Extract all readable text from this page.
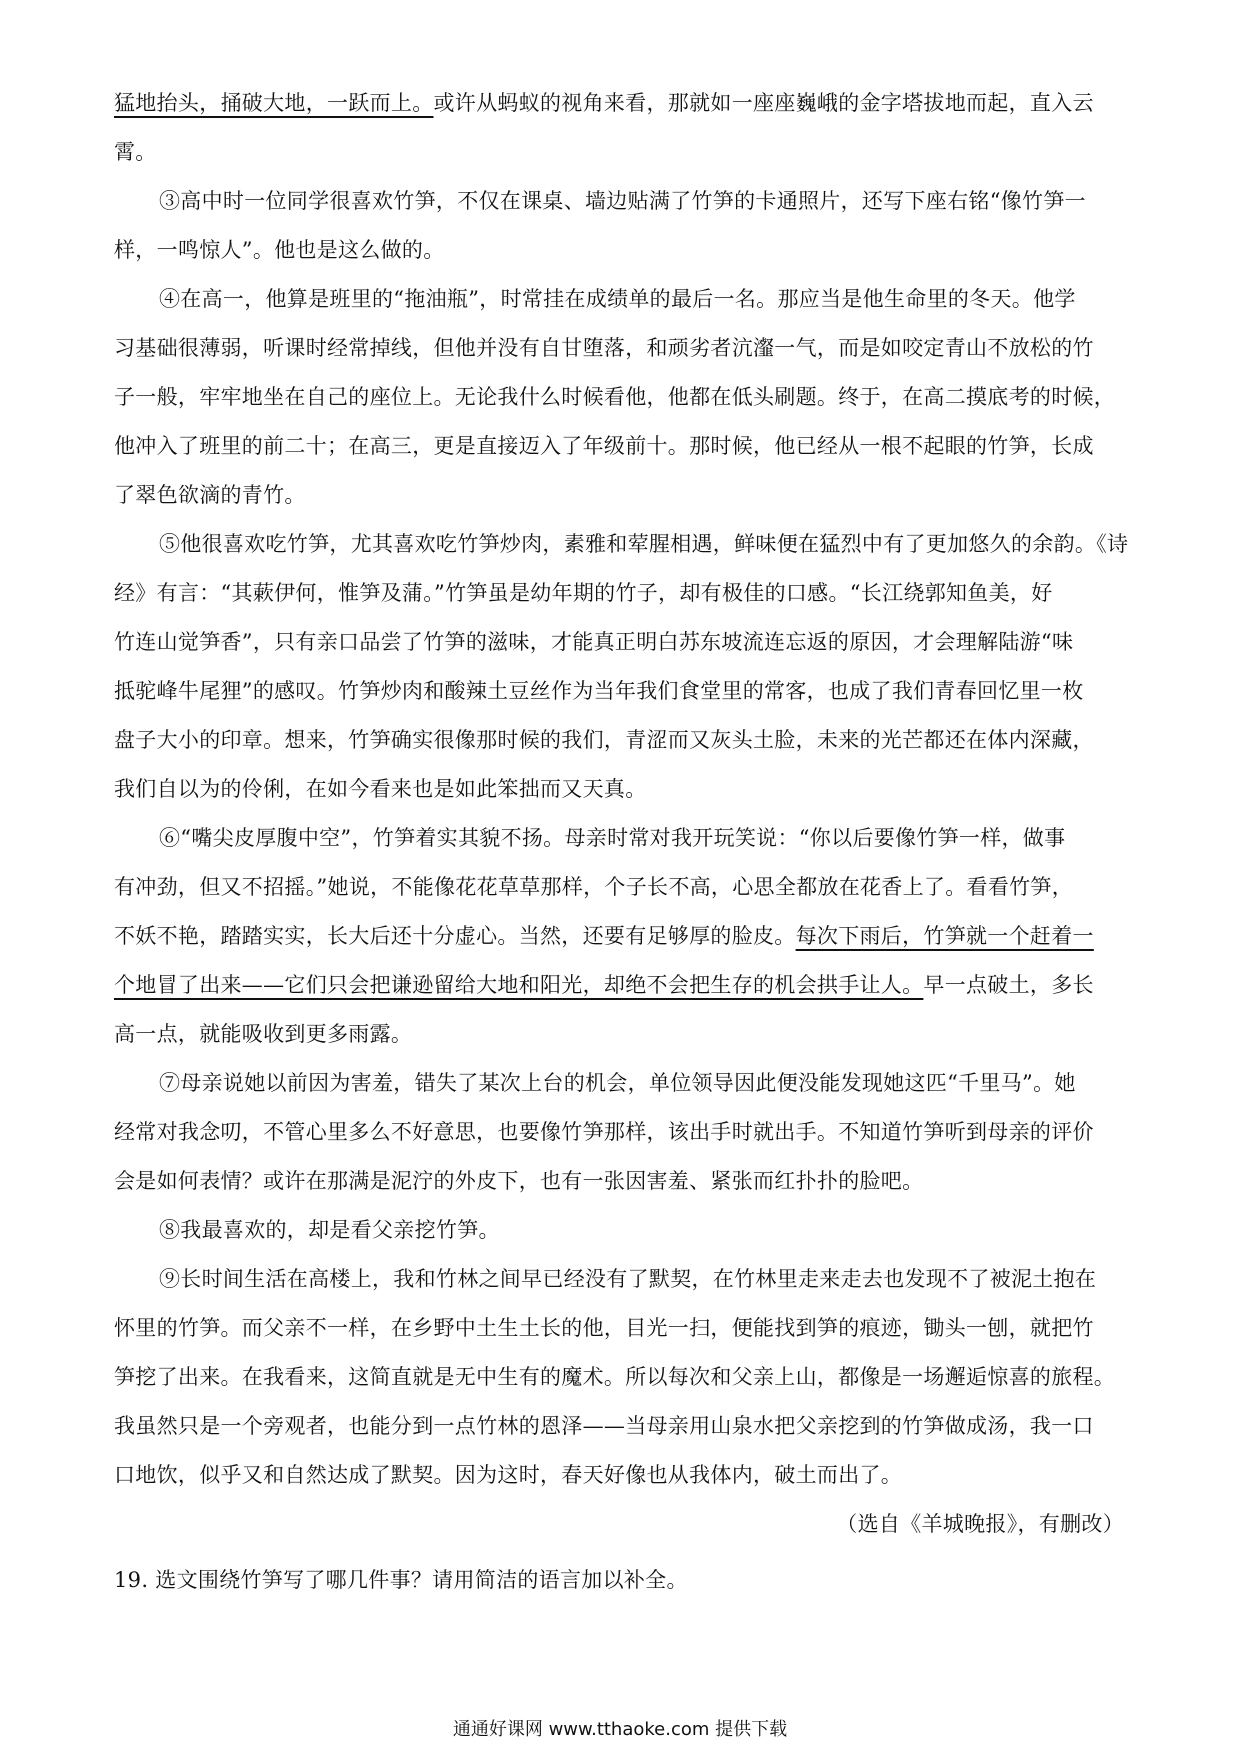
猛地抬头，捅破大地，一跃而上。或许从蚂蚁的视角来看，那就如一座座巍峨的金字塔拔地而起，直入云
霄。
③高中时一位同学很喜欢竹笋，不仅在课桌、墙边贴满了竹笋的卡通照片，还写下座右铭“像竹笋一
样，一鸣惊人”。他也是这么做的。
④在高一，他算是班里的“拖油瓶”，时常挂在成绩单的最后一名。那应当是他生命里的冬天。他学
习基础很薄弱，听课时经常掉线，但他并没有自甘堕落，和顽劣者沆瀣一气，而是如咬定青山不放松的竹
子一般，牢牢地坐在自己的座位上。无论我什么时候看他，他都在低头刷题。终于，在高二摸底考的时候，
他冲入了班里的前二十；在高三，更是直接迈入了年级前十。那时候，他已经从一根不起眼的竹笋，长成
了翠色欲滴的青竹。
⑤他很喜欢吃竹笋，尤其喜欢吃竹笋炒肉，素雅和荤腥相遇，鲜味便在猛烈中有了更加悠久的余韵。《诗
经》有言：“其蔌伊何，惟笋及蒲。”竹笋虽是幼年期的竹子，却有极佳的口感。“长江绕郭知鱼美，好
竹连山觉笋香”，只有亲口品尝了竹笋的滋味，才能真正明白苏东坡流连忘返的原因，才会理解陆游“味
抵驼峰牛尾狸”的感叹。竹笋炒肉和酸辣土豆丝作为当年我们食堂里的常客，也成了我们青春回忆里一枚
盘子大小的印章。想来，竹笋确实很像那时候的我们，青涩而又灰头土脸，未来的光芒都还在体内深藏，
我们自以为的伶俐，在如今看来也是如此笨拙而又天真。
⑥“嘴尖皮厚腹中空”，竹笋着实其貌不扬。母亲时常对我开玩笑说：“你以后要像竹笋一样，做事
有冲劲，但又不招摇。”她说，不能像花花草草那样，个子长不高，心思全都放在花香上了。看看竹笋，
不妖不艳，踏踏实实，长大后还十分虚心。当然，还要有足够厚的脸皮。每次下雨后，竹笋就一个赶着一
个地冒了出来——它们只会把谦逊留给大地和阳光，却绝不会把生存的机会拱手让人。早一点破土，多长
高一点，就能吸收到更多雨露。
⑦母亲说她以前因为害羞，错失了某次上台的机会，单位领导因此便没能发现她这匹“千里马”。她
经常对我念叨，不管心里多么不好意思，也要像竹笋那样，该出手时就出手。不知道竹笋听到母亲的评价
会是如何表情？或许在那满是泥泞的外皮下，也有一张因害羞、紧张而红扑扑的脸吧。
⑧我最喜欢的，却是看父亲挖竹笋。
⑨长时间生活在高楼上，我和竹林之间早已经没有了默契，在竹林里走来走去也发现不了被泥土抱在
怀里的竹笋。而父亲不一样，在乡野中土生土长的他，目光一扫，便能找到笋的痕迹，锄头一刨，就把竹
笋挖了出来。在我看来，这简直就是无中生有的魔术。所以每次和父亲上山，都像是一场邂逅惊喜的旅程。
我虽然只是一个旁观者，也能分到一点竹林的恩泽——当母亲用山泉水把父亲挖到的竹笋做成汤，我一口
口地饮，似乎又和自然达成了默契。因为这时，春天好像也从我体内，破土而出了。
（选自《羊城晚报》，有删改）
19. 选文围绕竹笋写了哪几件事？请用简洁的语言加以补全。
通通好课网 www.tthaoke.com 提供下载
